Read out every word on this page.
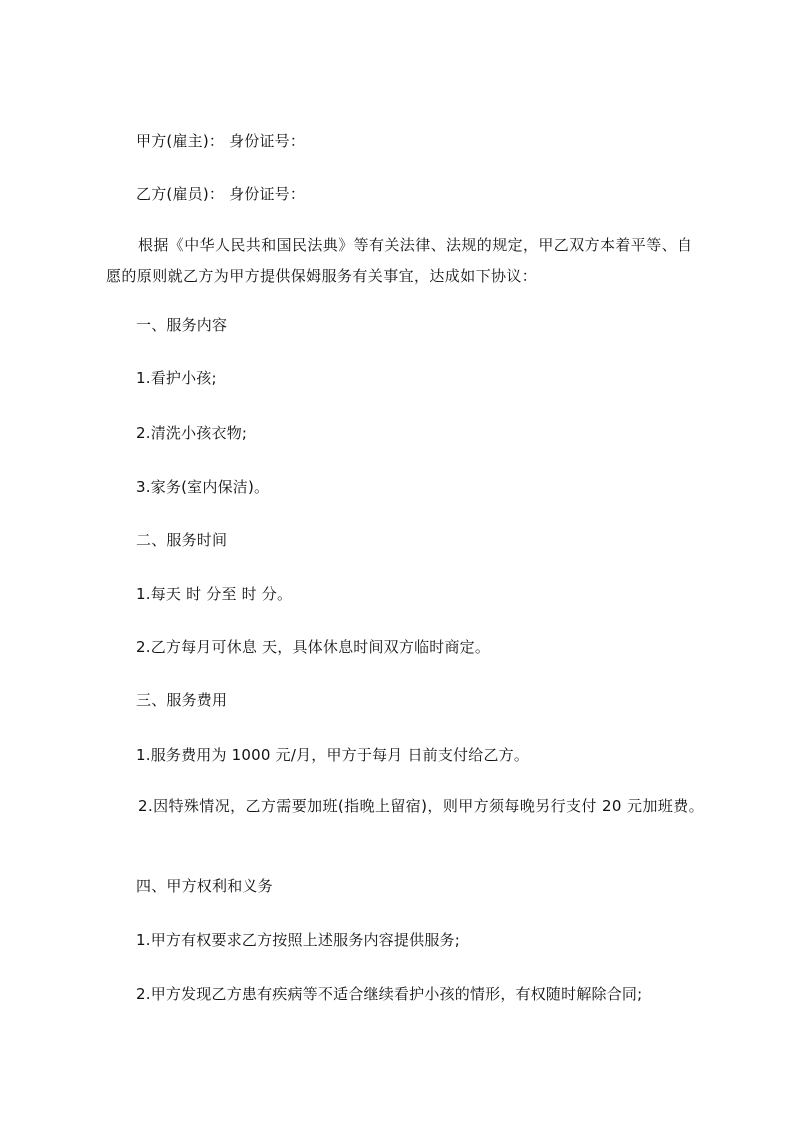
甲方(雇主)： 身份证号：
乙方(雇员)： 身份证号：
根据《中华人民共和国民法典》等有关法律、法规的规定，甲乙双方本着平等、自愿的原则就乙方为甲方提供保姆服务有关事宜，达成如下协议：
一、服务内容
1.看护小孩;
2.清洗小孩衣物;
3.家务(室内保洁)。
二、服务时间
1.每天 时 分至 时 分。
2.乙方每月可休息 天，具体休息时间双方临时商定。
三、服务费用
1.服务费用为 1000 元/月，甲方于每月 日前支付给乙方。
2.因特殊情况，乙方需要加班(指晚上留宿)，则甲方须每晚另行支付 20 元加班费。
四、甲方权利和义务
1.甲方有权要求乙方按照上述服务内容提供服务;
2.甲方发现乙方患有疾病等不适合继续看护小孩的情形，有权随时解除合同;
